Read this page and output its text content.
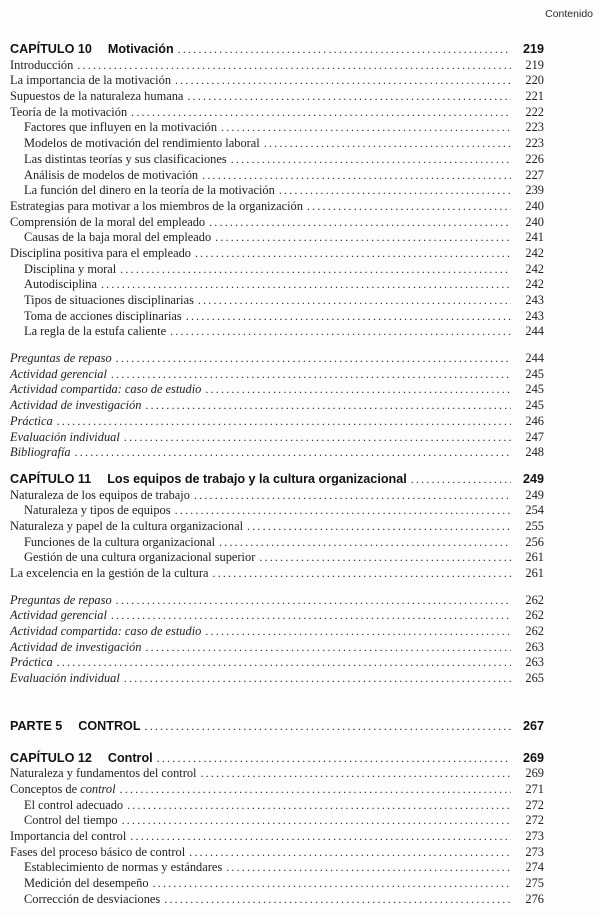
Contenido
CAPÍTULO 10 Motivación .....	219
Introducción .....	219
La importancia de la motivación .....	220
Supuestos de la naturaleza humana .....	221
Teoría de la motivación .....	222
Factores que influyen en la motivación .....	223
Modelos de motivación del rendimiento laboral .....	223
Las distintas teorías y sus clasificaciones .....	226
Análisis de modelos de motivación .....	227
La función del dinero en la teoría de la motivación .....	239
Estrategias para motivar a los miembros de la organización .....	240
Comprensión de la moral del empleado .....	240
Causas de la baja moral del empleado .....	241
Disciplina positiva para el empleado .....	242
Disciplina y moral .....	242
Autodisciplina .....	242
Tipos de situaciones disciplinarias .....	243
Toma de acciones disciplinarias .....	243
La regla de la estufa caliente .....	244
Preguntas de repaso .....	244
Actividad gerencial .....	245
Actividad compartida: caso de estudio .....	245
Actividad de investigación .....	245
Práctica .....	246
Evaluación individual .....	247
Bibliografía .....	248
CAPÍTULO 11 Los equipos de trabajo y la cultura organizacional .....	249
Naturaleza de los equipos de trabajo .....	249
Naturaleza y tipos de equipos .....	254
Naturaleza y papel de la cultura organizacional .....	255
Funciones de la cultura organizacional .....	256
Gestión de una cultura organizacional superior .....	261
La excelencia en la gestión de la cultura .....	261
Preguntas de repaso .....	262
Actividad gerencial .....	262
Actividad compartida: caso de estudio .....	262
Actividad de investigación .....	263
Práctica .....	263
Evaluación individual .....	265
PARTE 5 CONTROL .....	267
CAPÍTULO 12 Control .....	269
Naturaleza y fundamentos del control .....	269
Conceptos de control .....	271
El control adecuado .....	272
Control del tiempo .....	272
Importancia del control .....	273
Fases del proceso básico de control .....	273
Establecimiento de normas y estándares .....	274
Medición del desempeño .....	275
Corrección de desviaciones .....	276
